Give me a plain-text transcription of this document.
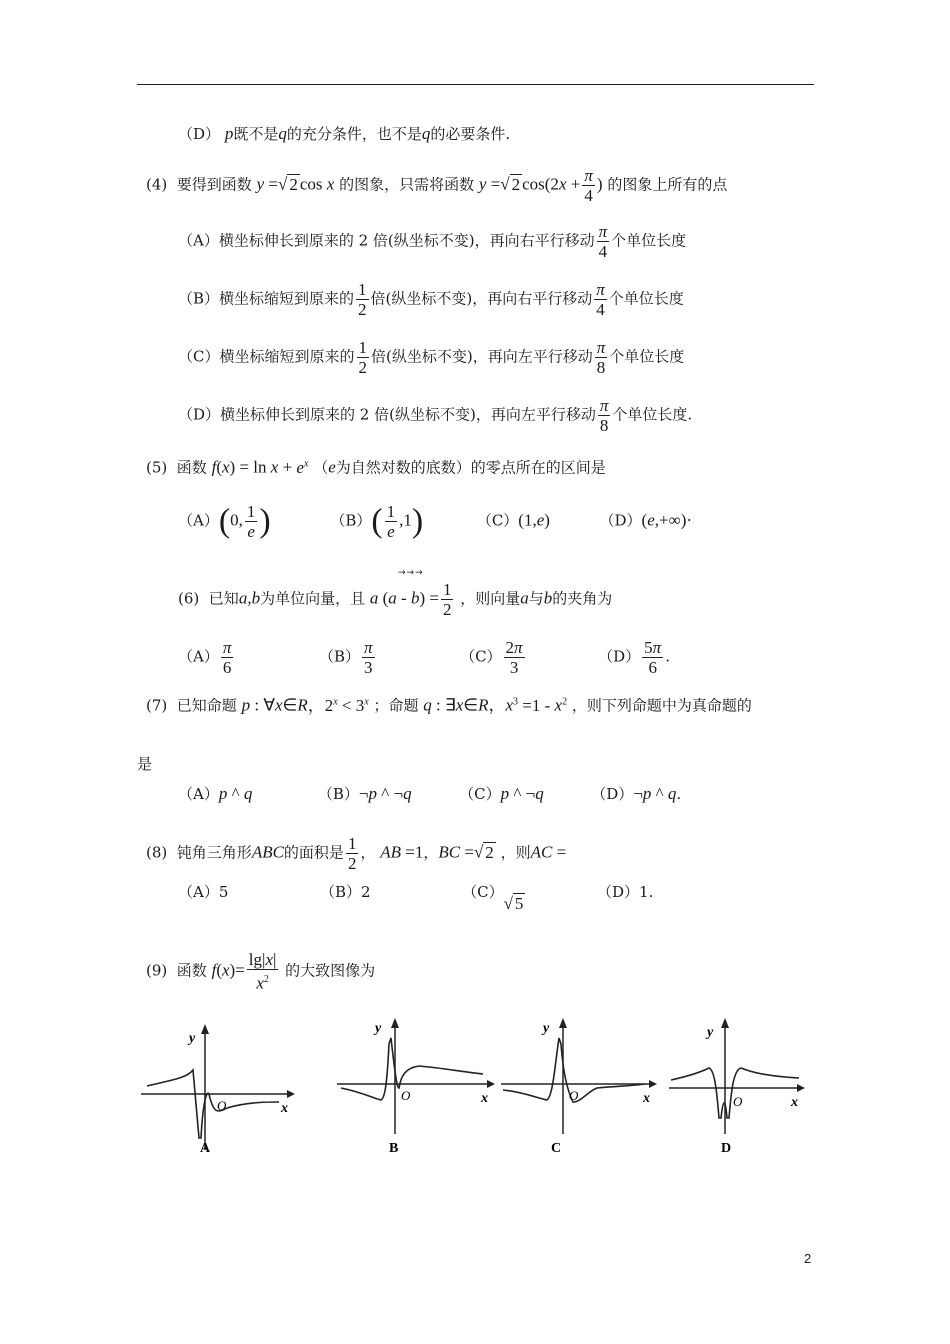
（D） p既不是q的充分条件，也不是q的必要条件.
(4) 要得到函数 y =√ 2 cos x 的图象，只需将函数 y =√ 2 $\cos(2x + \frac{\pi}{4}$ ) 的图象上所有的点
（A）横坐标伸长到原来的 2 倍(纵坐标不变)，再向右平行移动 $\frac{\pi}{4}$ 个单位长度
（B）横坐标缩短到原来的 $\frac{1}{2}$ 倍(纵坐标不变)，再向右平行移动 $\frac{\pi}{4}$ 个单位长度
（C）横坐标缩短到原来的 $\frac{1}{2}$ 倍(纵坐标不变)，再向左平行移动 $\frac{\pi}{8}$ 个单位长度
（D）横坐标伸长到原来的 2 倍(纵坐标不变)，再向左平行移动 $\frac{\pi}{8}$ 个单位长度.
(5) 函数 $f(x) = \ln x + e^x$ （e为自然对数的底数）的零点所在的区间是
（A）(0, $\frac{1}{e}$ )	$(B)( \frac{1}{e} ,1)$	（C）(1,e)	（D）(e,+∞)·
→→→
(6) 已知a,b为单位向量，且 a $(a - b) = \frac{1}{2}$ ，则向量a与b的夹角为
$(A) \frac{\pi}{6}$	$(B) \frac{\pi}{3}$	$(C) \frac{2\pi}{3}$	$(D) \frac{5\pi}{6}$ .
(7) 已知命题 p : ∀x∈R，$2^x < 3^x$ ；命题 q : ∃x∈R，$x^3 =1 - x^2$ ，则下列命题中为真命题的
是
（A）p ^ q	（B）¬p ^ ¬q	（C）p ^ ¬q	（D）¬p ^ q.
(8) 钝角三角形ABC的面积是 $\frac{1}{2}$ ， AB =1，BC =√ 2 ，则AC =
（A）5	（B）2	（C）√ 5  （D）1.
(9) 函数 $f(x)= \frac{\lg|x|}{x^2}$ 的大致图像为
y
x
O
A
y
x
O
B
y
x
O
C
y
x
O
D
2
